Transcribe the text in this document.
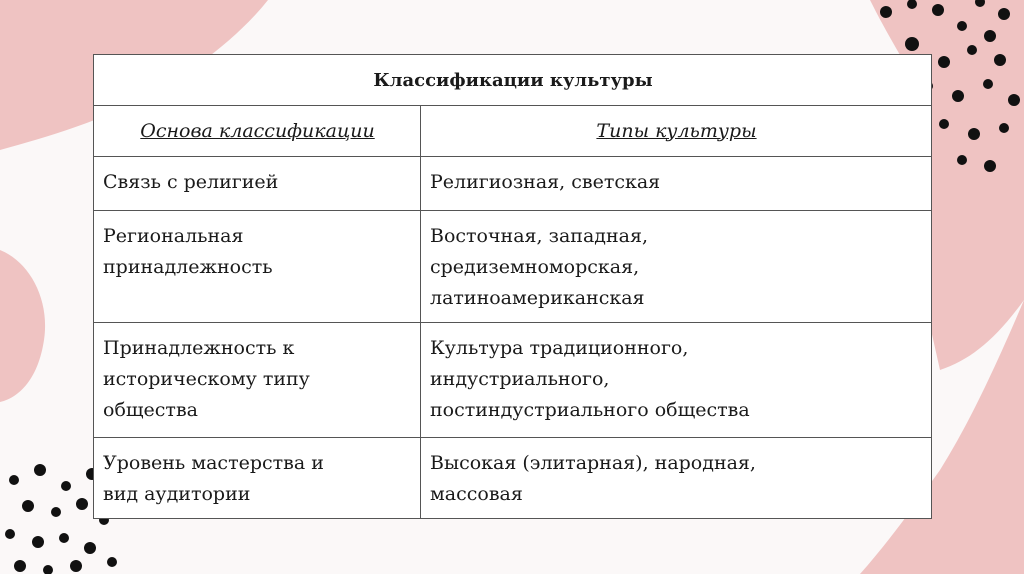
Классификации культуры	
Основа классификации	Типы культуры

Связь с религией	Религиозная, светская

Региональная
принадлежность	Восточная, западная,
средиземноморская,
латиноамериканская

Принадлежность к
историческому типу
общества	Культура традиционного,
индустриального,
постиндустриального общества

Уровень мастерства и
вид аудитории	Высокая (элитарная), народная,
массовая
